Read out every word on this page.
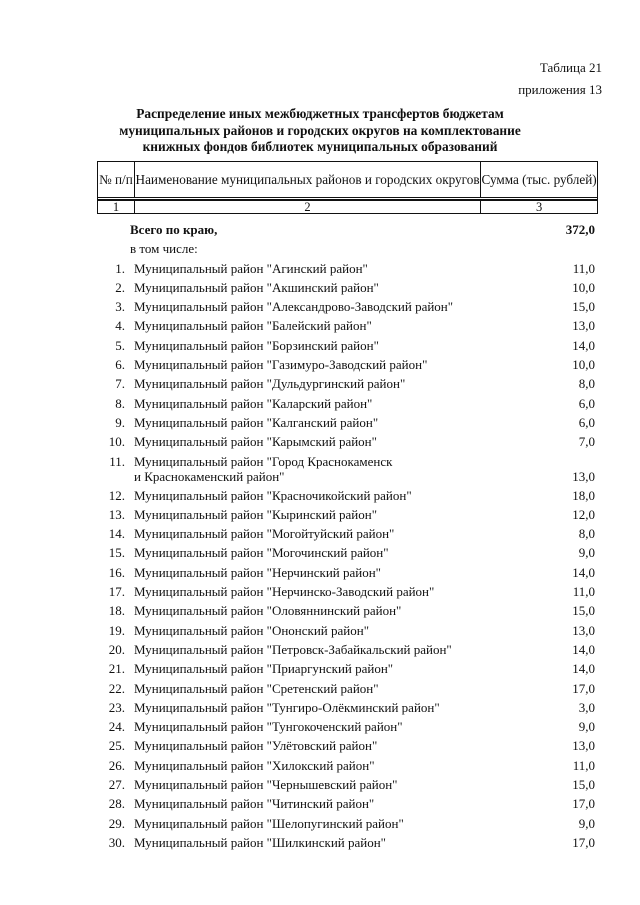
Таблица 21
приложения 13
Распределение иных межбюджетных трансфертов бюджетам муниципальных районов и городских округов на комплектование книжных фондов библиотек муниципальных образований
№ п/п	Наименование муниципальных районов и городских округов	Сумма (тыс. рублей)

1	2	3
Всего по краю,	372,0
в том числе:
1. Муниципальный район "Агинский район"	11,0
2. Муниципальный район "Акшинский район"	10,0
3. Муниципальный район "Александрово-Заводский район"	15,0
4. Муниципальный район "Балейский район"	13,0
5. Муниципальный район "Борзинский район"	14,0
6. Муниципальный район "Газимуро-Заводский район"	10,0
7. Муниципальный район "Дульдургинский район"	8,0
8. Муниципальный район "Каларский район"	6,0
9. Муниципальный район "Калганский район"	6,0
10. Муниципальный район "Карымский район"	7,0
11. Муниципальный район "Город Краснокаменск
и Краснокаменский район"	13,0
12. Муниципальный район "Красночикойский район"	18,0
13. Муниципальный район "Кыринский район"	12,0
14. Муниципальный район "Могойтуйский район"	8,0
15. Муниципальный район "Могочинский район"	9,0
16. Муниципальный район "Нерчинский район"	14,0
17. Муниципальный район "Нерчинско-Заводский район"	11,0
18. Муниципальный район "Оловяннинский район"	15,0
19. Муниципальный район "Ононский район"	13,0
20. Муниципальный район "Петровск-Забайкальский район"	14,0
21. Муниципальный район "Приаргунский район"	14,0
22. Муниципальный район "Сретенский район"	17,0
23. Муниципальный район "Тунгиро-Олёкминский район"	3,0
24. Муниципальный район "Тунгокоченский район"	9,0
25. Муниципальный район "Улётовский район"	13,0
26. Муниципальный район "Хилокский район"	11,0
27. Муниципальный район "Чернышевский район"	15,0
28. Муниципальный район "Читинский район"	17,0
29. Муниципальный район "Шелопугинский район"	9,0
30. Муниципальный район "Шилкинский район"	17,0
